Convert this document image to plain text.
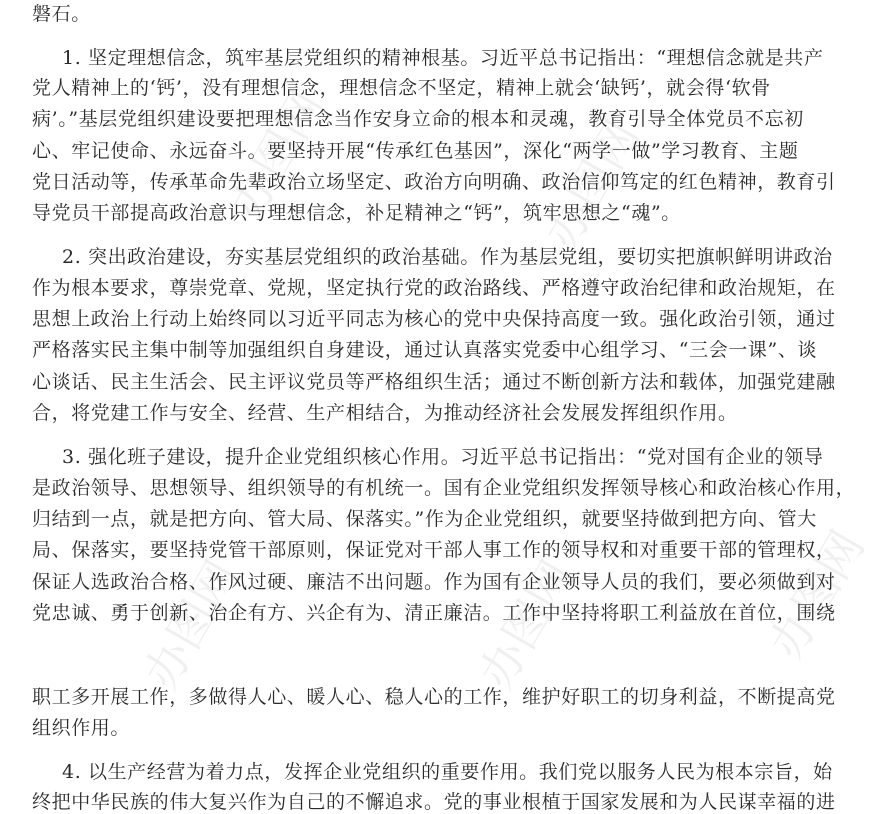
办图网	办图网
办图网	办图网	办图网

磐石。

1. 坚定理想信念，筑牢基层党组织的精神根基。习近平总书记指出：“理想信念就是共产

党人精神上的‘钙’，没有理想信念，理想信念不坚定，精神上就会‘缺钙’，就会得‘软骨

病’。”基层党组织建设要把理想信念当作安身立命的根本和灵魂，教育引导全体党员不忘初

心、牢记使命、永远奋斗。要坚持开展“传承红色基因”，深化“两学一做”学习教育、主题

党日活动等，传承革命先辈政治立场坚定、政治方向明确、政治信仰笃定的红色精神，教育引

导党员干部提高政治意识与理想信念，补足精神之“钙”，筑牢思想之“魂”。

2. 突出政治建设，夯实基层党组织的政治基础。作为基层党组，要切实把旗帜鲜明讲政治

作为根本要求，尊崇党章、党规，坚定执行党的政治路线、严格遵守政治纪律和政治规矩，在

思想上政治上行动上始终同以习近平同志为核心的党中央保持高度一致。强化政治引领，通过

严格落实民主集中制等加强组织自身建设，通过认真落实党委中心组学习、“三会一课”、谈

心谈话、民主生活会、民主评议党员等严格组织生活；通过不断创新方法和载体，加强党建融

合，将党建工作与安全、经营、生产相结合，为推动经济社会发展发挥组织作用。

3. 强化班子建设，提升企业党组织核心作用。习近平总书记指出：“党对国有企业的领导

是政治领导、思想领导、组织领导的有机统一。国有企业党组织发挥领导核心和政治核心作用，

归结到一点，就是把方向、管大局、保落实。”作为企业党组织，就要坚持做到把方向、管大

局、保落实，要坚持党管干部原则，保证党对干部人事工作的领导权和对重要干部的管理权，

保证人选政治合格、作风过硬、廉洁不出问题。作为国有企业领导人员的我们，要必须做到对

党忠诚、勇于创新、治企有方、兴企有为、清正廉洁。工作中坚持将职工利益放在首位，围绕

职工多开展工作，多做得人心、暖人心、稳人心的工作，维护好职工的切身利益，不断提高党

组织作用。

4. 以生产经营为着力点，发挥企业党组织的重要作用。我们党以服务人民为根本宗旨，始

终把中华民族的伟大复兴作为自己的不懈追求。党的事业根植于国家发展和为人民谋幸福的进
